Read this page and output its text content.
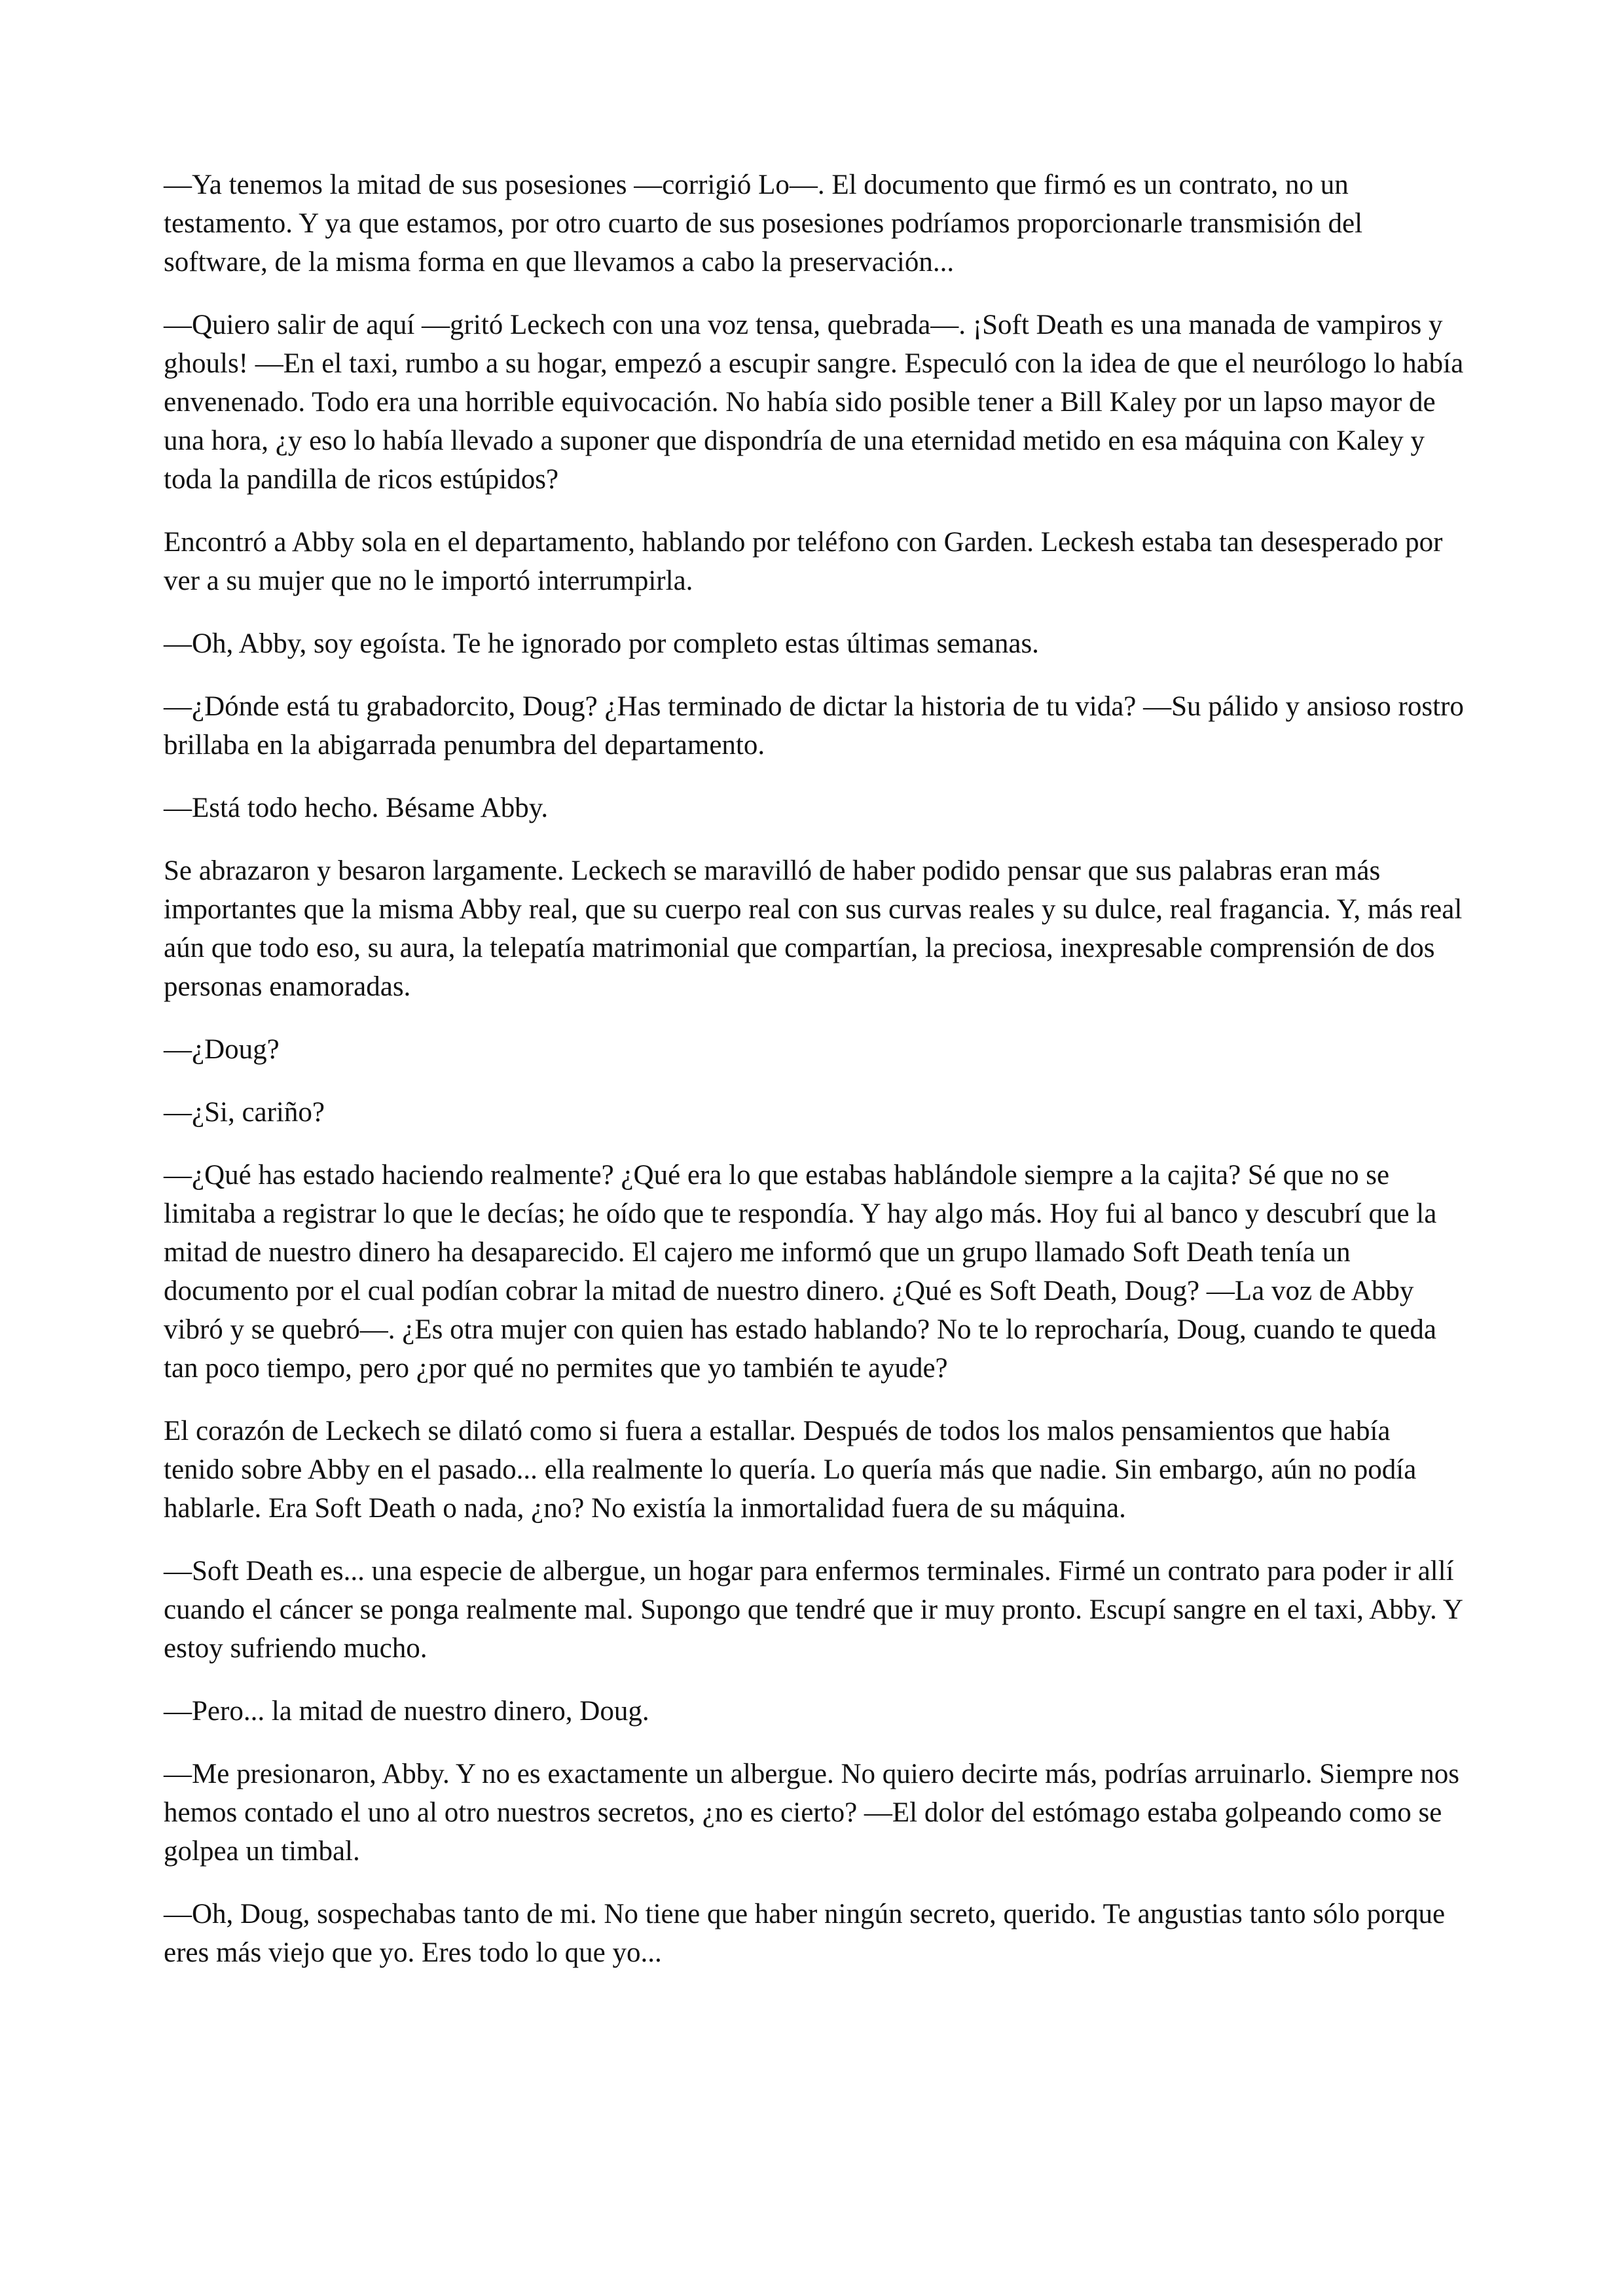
—Ya tenemos la mitad de sus posesiones —corrigió Lo—. El documento que firmó es un contrato, no un testamento. Y ya que estamos, por otro cuarto de sus posesiones podríamos proporcionarle transmisión del software, de la misma forma en que llevamos a cabo la preservación...

—Quiero salir de aquí —gritó Leckech con una voz tensa, quebrada—. ¡Soft Death es una manada de vampiros y ghouls! —En el taxi, rumbo a su hogar, empezó a escupir sangre. Especuló con la idea de que el neurólogo lo había envenenado. Todo era una horrible equivocación. No había sido posible tener a Bill Kaley por un lapso mayor de una hora, ¿y eso lo había llevado a suponer que dispondría de una eternidad metido en esa máquina con Kaley y toda la pandilla de ricos estúpidos?

Encontró a Abby sola en el departamento, hablando por teléfono con Garden. Leckesh estaba tan desesperado por ver a su mujer que no le importó interrumpirla.

—Oh, Abby, soy egoísta. Te he ignorado por completo estas últimas semanas.

—¿Dónde está tu grabadorcito, Doug? ¿Has terminado de dictar la historia de tu vida? —Su pálido y ansioso rostro brillaba en la abigarrada penumbra del departamento.

—Está todo hecho. Bésame Abby.

Se abrazaron y besaron largamente. Leckech se maravilló de haber podido pensar que sus palabras eran más importantes que la misma Abby real, que su cuerpo real con sus curvas reales y su dulce, real fragancia. Y, más real aún que todo eso, su aura, la telepatía matrimonial que compartían, la preciosa, inexpresable comprensión de dos personas enamoradas.

—¿Doug?

—¿Si, cariño?

—¿Qué has estado haciendo realmente? ¿Qué era lo que estabas hablándole siempre a la cajita? Sé que no se limitaba a registrar lo que le decías; he oído que te respondía. Y hay algo más. Hoy fui al banco y descubrí que la mitad de nuestro dinero ha desaparecido. El cajero me informó que un grupo llamado Soft Death tenía un documento por el cual podían cobrar la mitad de nuestro dinero. ¿Qué es Soft Death, Doug? —La voz de Abby vibró y se quebró—. ¿Es otra mujer con quien has estado hablando? No te lo reprocharía, Doug, cuando te queda tan poco tiempo, pero ¿por qué no permites que yo también te ayude?

El corazón de Leckech se dilató como si fuera a estallar. Después de todos los malos pensamientos que había tenido sobre Abby en el pasado... ella realmente lo quería. Lo quería más que nadie. Sin embargo, aún no podía hablarle. Era Soft Death o nada, ¿no? No existía la inmortalidad fuera de su máquina.

—Soft Death es... una especie de albergue, un hogar para enfermos terminales. Firmé un contrato para poder ir allí cuando el cáncer se ponga realmente mal. Supongo que tendré que ir muy pronto. Escupí sangre en el taxi, Abby. Y estoy sufriendo mucho.

—Pero... la mitad de nuestro dinero, Doug.

—Me presionaron, Abby. Y no es exactamente un albergue. No quiero decirte más, podrías arruinarlo. Siempre nos hemos contado el uno al otro nuestros secretos, ¿no es cierto? —El dolor del estómago estaba golpeando como se golpea un timbal.

—Oh, Doug, sospechabas tanto de mi. No tiene que haber ningún secreto, querido. Te angustias tanto sólo porque eres más viejo que yo. Eres todo lo que yo...
